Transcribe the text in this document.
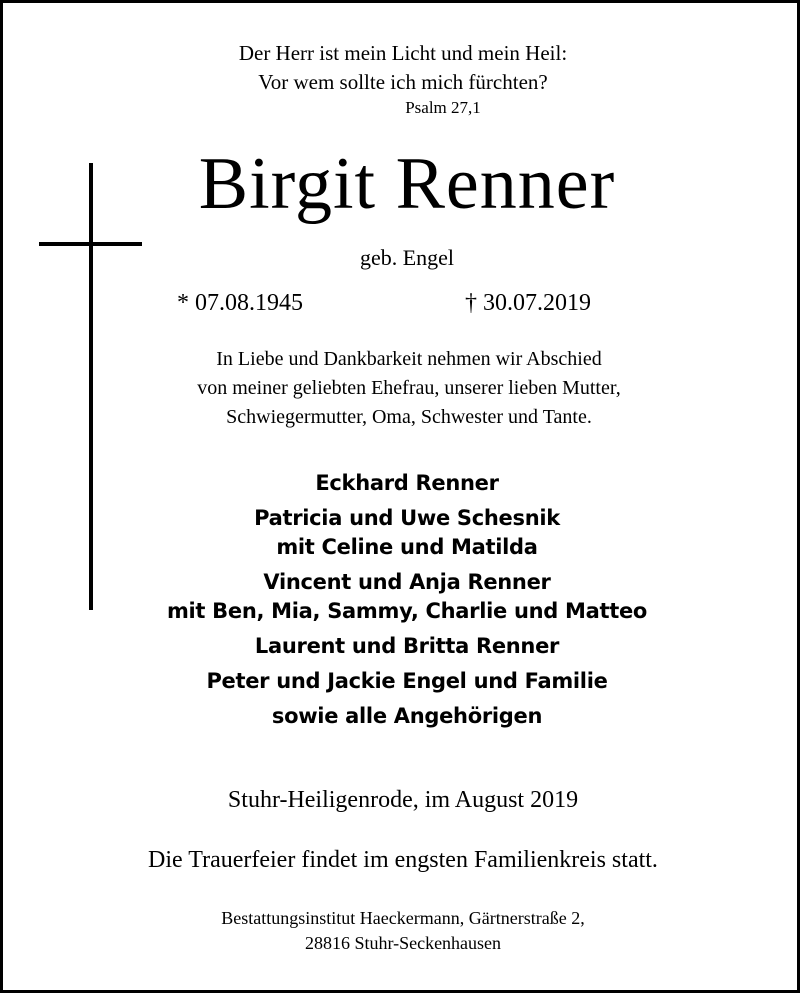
Der Herr ist mein Licht und mein Heil:
Vor wem sollte ich mich fürchten?
Psalm 27,1
Birgit Renner
geb. Engel
* 07.08.1945	† 30.07.2019
In Liebe und Dankbarkeit nehmen wir Abschied
von meiner geliebten Ehefrau, unserer lieben Mutter,
Schwiegermutter, Oma, Schwester und Tante.
Eckhard Renner
Patricia und Uwe Schesnik
mit Celine und Matilda
Vincent und Anja Renner
mit Ben, Mia, Sammy, Charlie und Matteo
Laurent und Britta Renner
Peter und Jackie Engel und Familie
sowie alle Angehörigen
Stuhr-Heiligenrode, im August 2019
Die Trauerfeier findet im engsten Familienkreis statt.
Bestattungsinstitut Haeckermann, Gärtnerstraße 2,
28816 Stuhr-Seckenhausen
